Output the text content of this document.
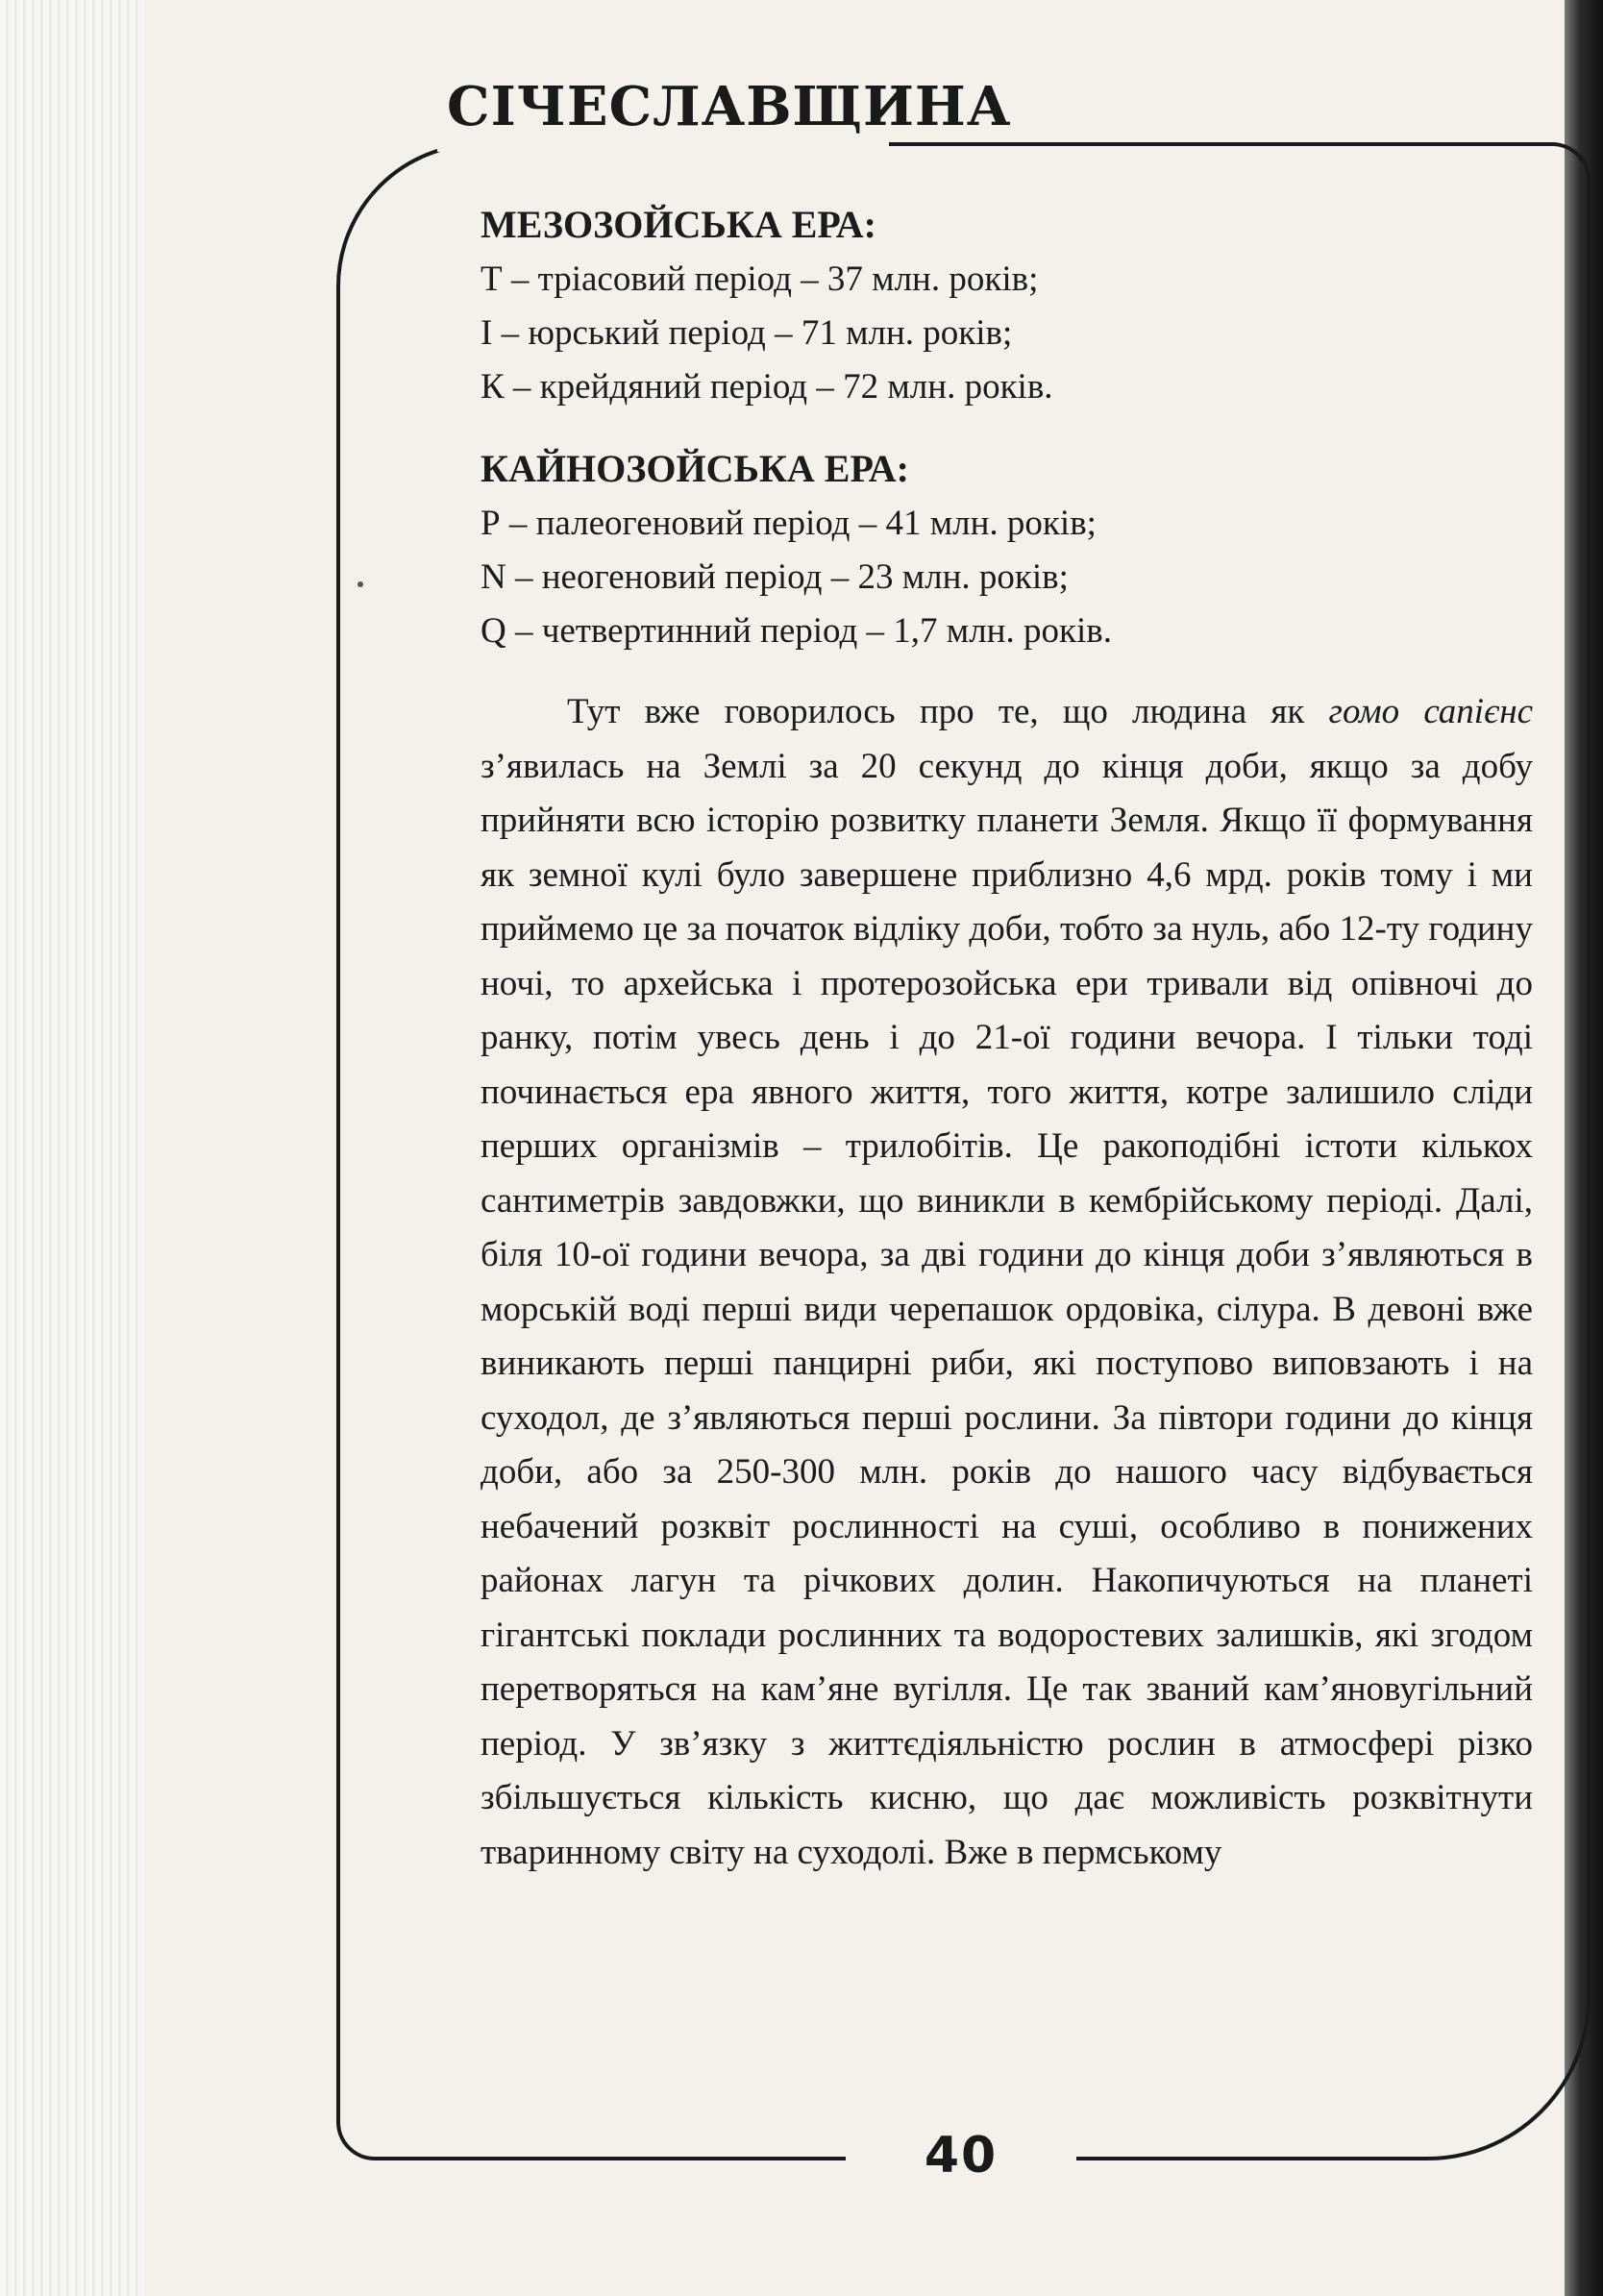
СІЧЕСЛАВЩИНА

МЕЗОЗОЙСЬКА ЕРА:

Т – тріасовий період – 37 млн. років;

І – юрський період – 71 млн. років;

К – крейдяний період – 72 млн. років.

КАЙНОЗОЙСЬКА ЕРА:

Р – палеогеновий період – 41 млн. років;

N – неогеновий період – 23 млн. років;

Q – четвертинний період – 1,7 млн. років.

Тут вже говорилось про те, що людина як гомо сапієнс з’явилась на Землі за 20 секунд до кінця доби, якщо за добу прийняти всю історію розвитку планети Земля. Якщо її формування як земної кулі було завершене приблизно 4,6 мрд. років тому і ми приймемо це за початок відліку доби, тобто за нуль, або 12-ту годину ночі, то архейська і протерозойська ери тривали від опівночі до ранку, потім увесь день і до 21-ої години вечора. І тільки тоді починається ера явного життя, того життя, котре залишило сліди перших організмів – трилобітів. Це ракоподібні істоти кількох сантиметрів завдовжки, що виникли в кембрійському періоді. Далі, біля 10-ої години вечора, за дві години до кінця доби з’являються в морській воді перші види черепашок ордовіка, сілура. В девоні вже виникають перші панцирні риби, які поступово виповзають і на суходол, де з’являються перші рослини. За півтори години до кінця доби, або за 250-300 млн. років до нашого часу відбувається небачений розквіт рослинності на суші, особливо в понижених районах лагун та річкових долин. Накопичуються на планеті гігантські поклади рослинних та водоростевих залишків, які згодом перетворяться на кам’яне вугілля. Це так званий кам’яновугільний період. У зв’язку з життєдіяльністю рослин в атмосфері різко збільшується кількість кисню, що дає можливість розквітнути тваринному світу на суходолі. Вже в пермському

40
